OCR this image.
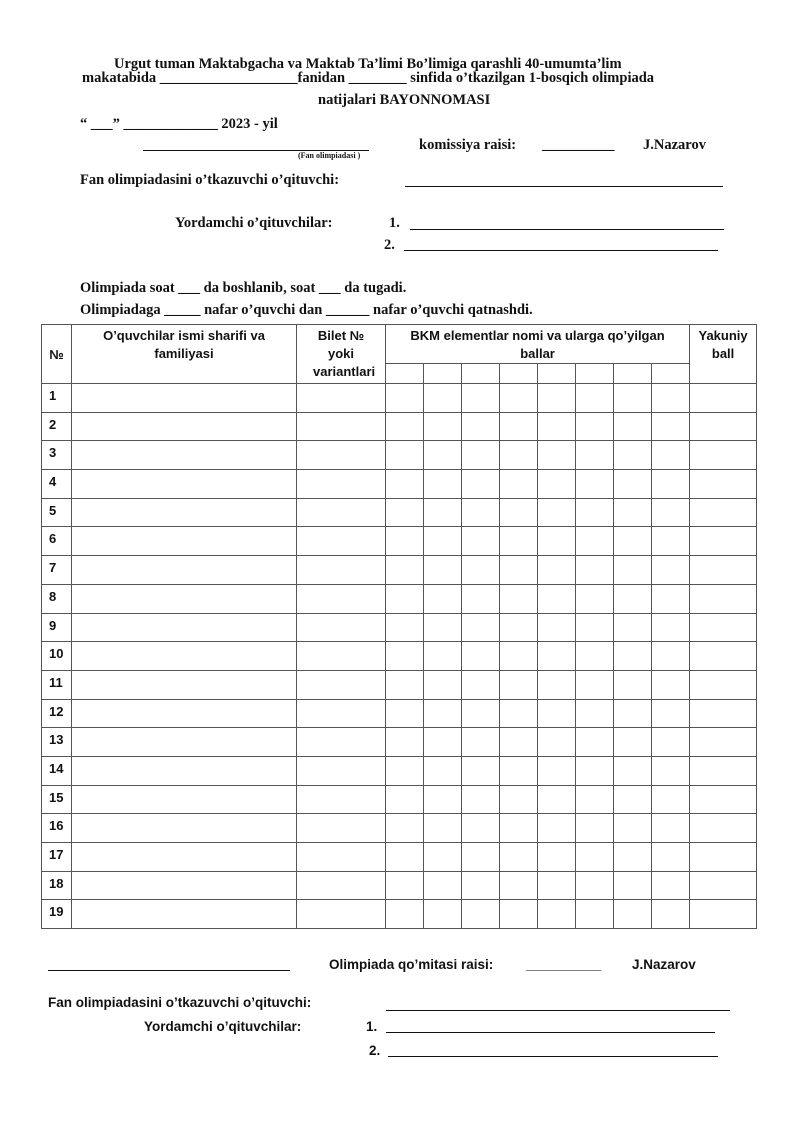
Urgut tuman Maktabgacha va Maktab Ta’limi Bo’limiga qarashli 40-umumta’lim
makatabida ___________________fanidan ________ sinfida o’tkazilgan 1-bosqich olimpiada
natijalari BAYONNOMASI
“ ___” _____________ 2023 - yil
(Fan olimpiadasi )
komissiya raisi: __________ J.Nazarov
Fan olimpiadasini o’tkazuvchi o’qituvchi:
Yordamchi o’qituvchilar:	1.
2.
Olimpiada soat ___ da boshlanib, soat ___ da tugadi.
Olimpiadaga _____ nafar o’quvchi dan ______ nafar o’quvchi qatnashdi.
№	O’quvchilar ismi sharifi va familiyasi	Bilet № yoki variantlari	BKM elementlar nomi va ularga qo’yilgan ballar								Yakuniy ball

1											
2											
3											
4											
5											
6											
7											
8											
9											
10											
11											
12											
13											
14											
15											
16											
17											
18											
19											
Olimpiada qo’mitasi raisi: __________ J.Nazarov
Fan olimpiadasini o’tkazuvchi o’qituvchi:
Yordamchi o’qituvchilar:	1.
2.
